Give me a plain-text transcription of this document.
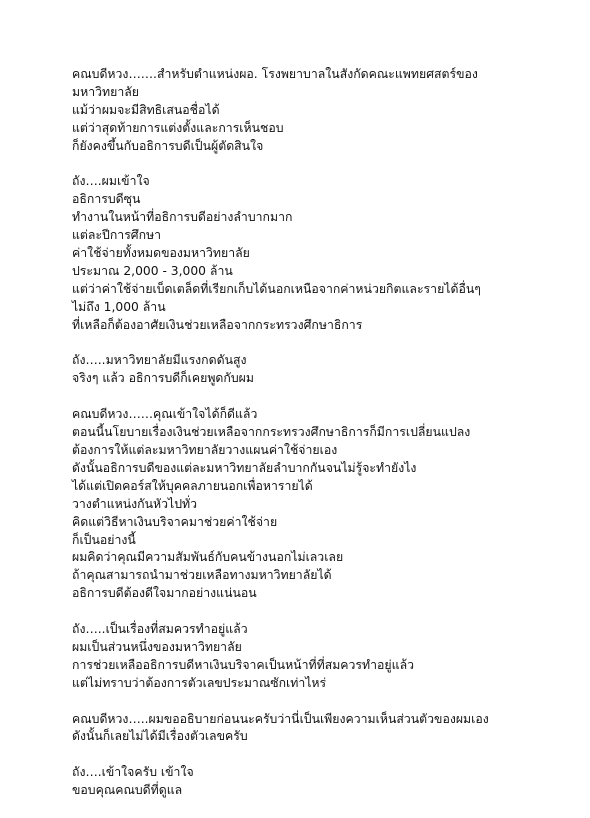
คณบดีหวง…….สำหรับตำแหน่งผอ. โรงพยาบาลในสังกัดคณะแพทยศสตร์ของ
มหาวิทยาลัย
แม้ว่าผมจะมีสิทธิเสนอชื่อได้
แต่ว่าสุดท้ายการแต่งตั้งและการเห็นชอบ
ก็ยังคงขึ้นกับอธิการบดีเป็นผู้ตัดสินใจ
ถัง….ผมเข้าใจ
อธิการบดีซุน
ทำงานในหน้าที่อธิการบดีอย่างลำบากมาก
แต่ละปีการศึกษา
ค่าใช้จ่ายทั้งหมดของมหาวิทยาลัย
ประมาณ 2,000 - 3,000 ล้าน
แต่ว่าค่าใช้จ่ายเบ็ดเตล็ดที่เรียกเก็บได้นอกเหนือจากค่าหน่วยกิตและรายได้อื่นๆ
ไม่ถึง 1,000 ล้าน
ที่เหลือก็ต้องอาศัยเงินช่วยเหลือจากกระทรวงศึกษาธิการ
ถัง…..มหาวิทยาลัยมีแรงกดดันสูง
จริงๆ แล้ว อธิการบดีก็เคยพูดกับผม
คณบดีหวง……คุณเข้าใจได้ก็ดีแล้ว
ตอนนี้นโยบายเรื่องเงินช่วยเหลือจากกระทรวงศึกษาธิการก็มีการเปลี่ยนแปลง
ต้องการให้แต่ละมหาวิทยาลัยวางแผนค่าใช้จ่ายเอง
ดังนั้นอธิการบดีของแต่ละมหาวิทยาลัยลำบากกันจนไม่รู้จะทำยังไง
ได้แต่เปิดคอร์สให้บุคคลภายนอกเพื่อหารายได้
วางตำแหน่งกันหัวไปทั่ว
คิดแต่วิธีหาเงินบริจาคมาช่วยค่าใช้จ่าย
ก็เป็นอย่างนี้
ผมคิดว่าคุณมีความสัมพันธ์กับคนข้างนอกไม่เลวเลย
ถ้าคุณสามารถนำมาช่วยเหลือทางมหาวิทยาลัยได้
อธิการบดีต้องดีใจมากอย่างแน่นอน
ถัง…..เป็นเรื่องที่สมควรทำอยู่แล้ว
ผมเป็นส่วนหนึ่งของมหาวิทยาลัย
การช่วยเหลืออธิการบดีหาเงินบริจาคเป็นหน้าที่ที่สมควรทำอยู่แล้ว
แต่ไม่ทราบว่าต้องการตัวเลขประมาณซักเท่าไหร่
คณบดีหวง…..ผมขออธิบายก่อนนะครับว่านี่เป็นเพียงความเห็นส่วนตัวของผมเอง
ดังนั้นก็เลยไม่ได้มีเรื่องตัวเลขครับ
ถัง….เข้าใจครับ เข้าใจ
ขอบคุณคณบดีที่ดูแล
